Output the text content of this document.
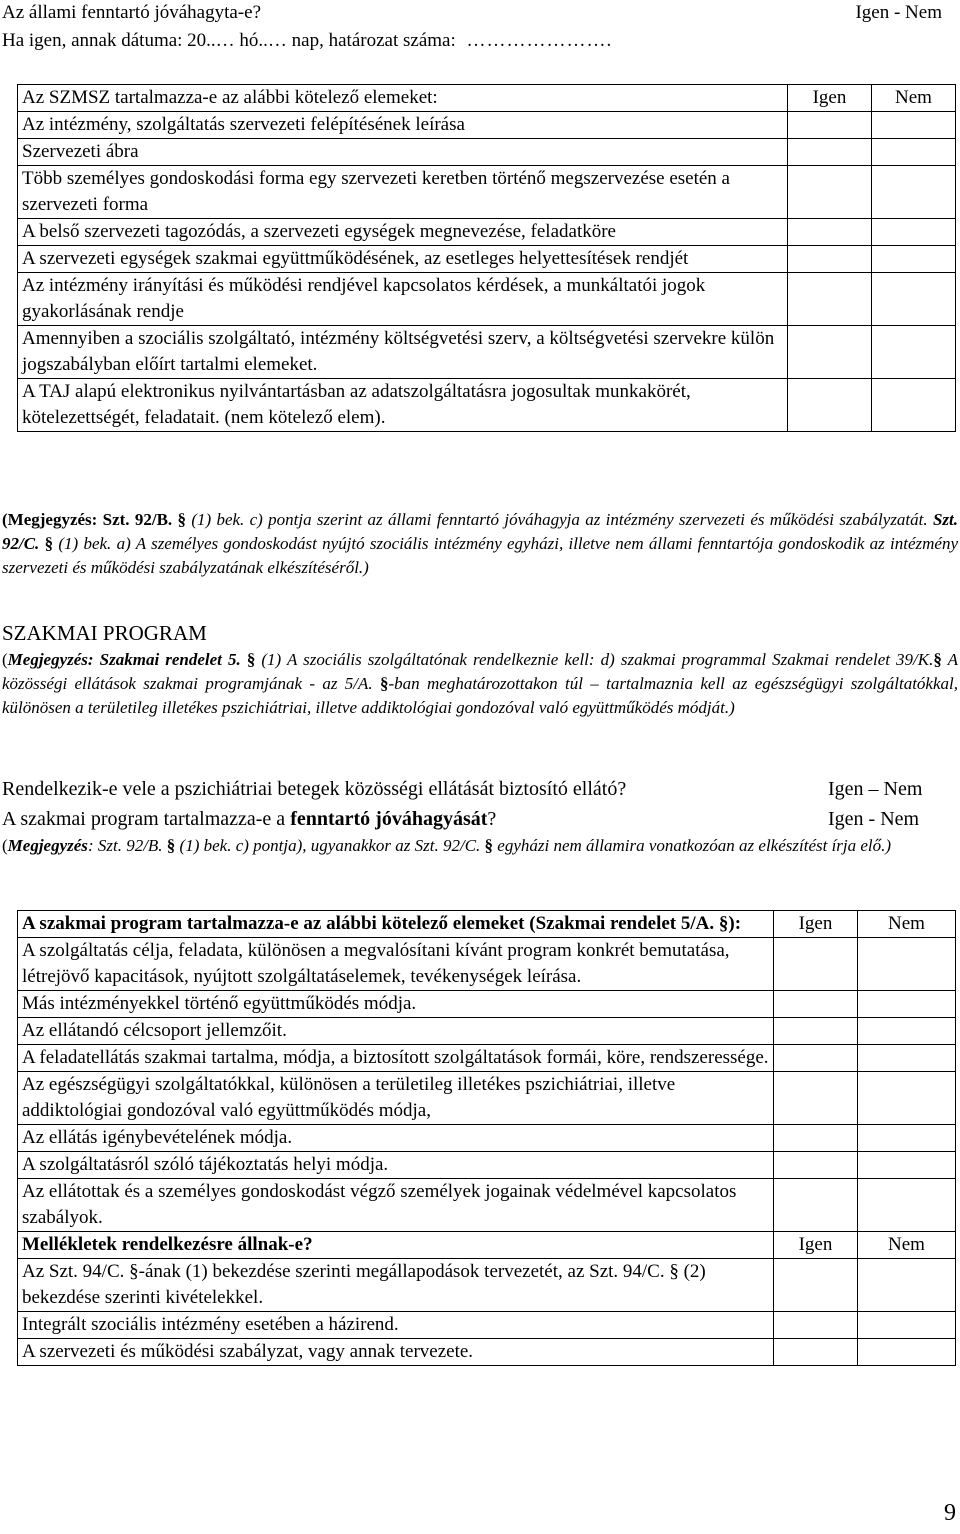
Az állami fenntartó jóváhagyta-e?	Igen - Nem
Ha igen, annak dátuma: 20..… hó..… nap, határozat száma: ………………….
Az SZMSZ tartalmazza-e az alábbi kötelező elemeket:	Igen	Nem
Az intézmény, szolgáltatás szervezeti felépítésének leírása		
Szervezeti ábra		
Több személyes gondoskodási forma egy szervezeti keretben történő megszervezése esetén a szervezeti forma		
A belső szervezeti tagozódás, a szervezeti egységek megnevezése, feladatköre		
A szervezeti egységek szakmai együttműködésének, az esetleges helyettesítések rendjét		
Az intézmény irányítási és működési rendjével kapcsolatos kérdések, a munkáltatói jogok gyakorlásának rendje		
Amennyiben a szociális szolgáltató, intézmény költségvetési szerv, a költségvetési szervekre külön jogszabályban előírt tartalmi elemeket.		
A TAJ alapú elektronikus nyilvántartásban az adatszolgáltatásra jogosultak munkakörét, kötelezettségét, feladatait. (nem kötelező elem).		
(Megjegyzés: Szt. 92/B. § (1) bek. c) pontja szerint az állami fenntartó jóváhagyja az intézmény szervezeti és működési szabályzatát. Szt. 92/C. § (1) bek. a) A személyes gondoskodást nyújtó szociális intézmény egyházi, illetve nem állami fenntartója gondoskodik az intézmény szervezeti és működési szabályzatának elkészítéséről.)
SZAKMAI PROGRAM
(Megjegyzés: Szakmai rendelet 5. § (1) A szociális szolgáltatónak rendelkeznie kell: d) szakmai programmal Szakmai rendelet 39/K.§ A közösségi ellátások szakmai programjának - az 5/A. §-ban meghatározottakon túl – tartalmaznia kell az egészségügyi szolgáltatókkal, különösen a területileg illetékes pszichiátriai, illetve addiktológiai gondozóval való együttműködés módját.)
Rendelkezik-e vele a pszichiátriai betegek közösségi ellátását biztosító ellátó?	Igen – Nem
A szakmai program tartalmazza-e a fenntartó jóváhagyását?	Igen - Nem
(Megjegyzés: Szt. 92/B. § (1) bek. c) pontja), ugyanakkor az Szt. 92/C. § egyházi nem államira vonatkozóan az elkészítést írja elő.)
A szakmai program tartalmazza-e az alábbi kötelező elemeket (Szakmai rendelet 5/A. §):	Igen	Nem
A szolgáltatás célja, feladata, különösen a megvalósítani kívánt program konkrét bemutatása, létrejövő kapacitások, nyújtott szolgáltatáselemek, tevékenységek leírása.		
Más intézményekkel történő együttműködés módja.		
Az ellátandó célcsoport jellemzőit.		
A feladatellátás szakmai tartalma, módja, a biztosított szolgáltatások formái, köre, rendszeressége.		
Az egészségügyi szolgáltatókkal, különösen a területileg illetékes pszichiátriai, illetve addiktológiai gondozóval való együttműködés módja,		
Az ellátás igénybevételének módja.		
A szolgáltatásról szóló tájékoztatás helyi módja.		
Az ellátottak és a személyes gondoskodást végző személyek jogainak védelmével kapcsolatos szabályok.		
Mellékletek rendelkezésre állnak-e?	Igen	Nem
Az Szt. 94/C. §-ának (1) bekezdése szerinti megállapodások tervezetét, az Szt. 94/C. § (2) bekezdése szerinti kivételekkel.		
Integrált szociális intézmény esetében a házirend.		
A szervezeti és működési szabályzat, vagy annak tervezete.		
9
